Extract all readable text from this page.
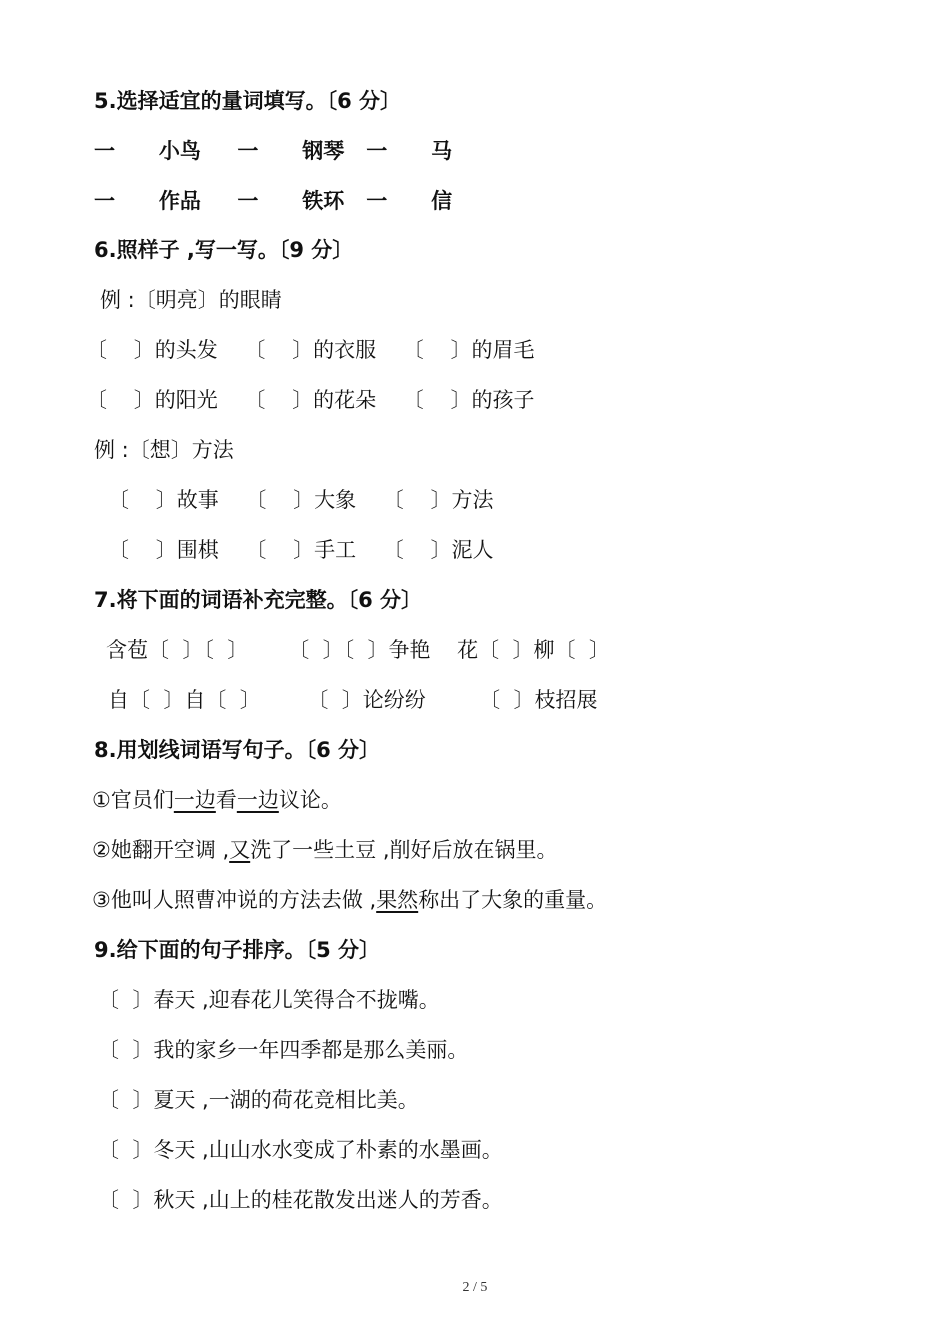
5.选择适宜的量词填写。〔6 分〕
一      小鸟     一      钢琴   一      马
一      作品     一      铁环   一      信
6.照样子 ,写一写。〔9 分〕
例 :〔明亮〕的眼睛
〔    〕的头发    〔    〕的衣服    〔    〕的眉毛
〔    〕的阳光    〔    〕的花朵    〔    〕的孩子
例 :〔想〕方法
〔    〕故事    〔    〕大象    〔    〕方法
〔    〕围棋    〔    〕手工    〔    〕泥人
7.将下面的词语补充完整。〔6 分〕
含苞〔  〕〔  〕      〔  〕〔  〕争艳    花〔  〕柳〔  〕
自〔  〕自〔  〕       〔  〕论纷纷        〔  〕枝招展
8.用划线词语写句子。〔6 分〕
①官员们一边看一边议论。
②她翻开空调 ,又洗了一些土豆 ,削好后放在锅里。
③他叫人照曹冲说的方法去做 ,果然称出了大象的重量。
9.给下面的句子排序。〔5 分〕
〔  〕春天 ,迎春花儿笑得合不拢嘴。
〔  〕我的家乡一年四季都是那么美丽。
〔  〕夏天 ,一湖的荷花竞相比美。
〔  〕冬天 ,山山水水变成了朴素的水墨画。
〔  〕秋天 ,山上的桂花散发出迷人的芳香。
2 / 5
